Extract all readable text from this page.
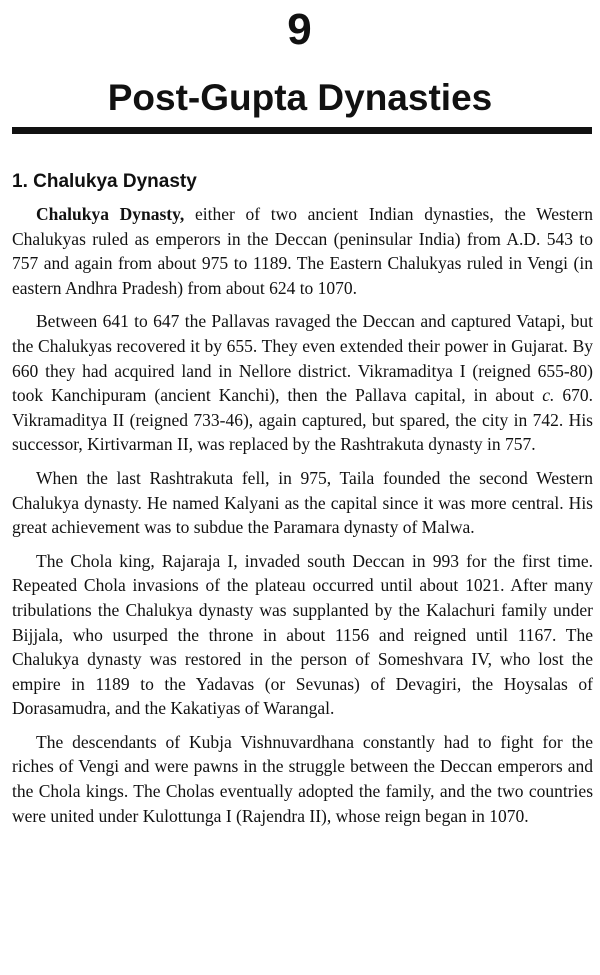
9
Post-Gupta Dynasties
1. Chalukya Dynasty

Chalukya Dynasty, either of two ancient Indian dynasties, the Western Chalukyas ruled as emperors in the Deccan (peninsular India) from A.D. 543 to 757 and again from about 975 to 1189. The Eastern Chalukyas ruled in Vengi (in eastern Andhra Pradesh) from about 624 to 1070.

Between 641 to 647 the Pallavas ravaged the Deccan and captured Vatapi, but the Chalukyas recovered it by 655. They even extended their power in Gujarat. By 660 they had acquired land in Nellore district. Vikramaditya I (reigned 655-80) took Kanchipuram (ancient Kanchi), then the Pallava capital, in about c. 670. Vikramaditya II (reigned 733-46), again captured, but spared, the city in 742. His successor, Kirtivarman II, was replaced by the Rashtrakuta dynasty in 757.

When the last Rashtrakuta fell, in 975, Taila founded the second Western Chalukya dynasty. He named Kalyani as the capital since it was more central. His great achievement was to subdue the Paramara dynasty of Malwa.

The Chola king, Rajaraja I, invaded south Deccan in 993 for the first time. Repeated Chola invasions of the plateau occurred until about 1021. After many tribulations the Chalukya dynasty was supplanted by the Kalachuri family under Bijjala, who usurped the throne in about 1156 and reigned until 1167. The Chalukya dynasty was restored in the person of Someshvara IV, who lost the empire in 1189 to the Yadavas (or Sevunas) of Devagiri, the Hoysalas of Dorasamudra, and the Kakatiyas of Warangal.

The descendants of Kubja Vishnuvardhana constantly had to fight for the riches of Vengi and were pawns in the struggle between the Deccan emperors and the Chola kings. The Cholas eventually adopted the family, and the two countries were united under Kulottunga I (Rajendra II), whose reign began in 1070.
